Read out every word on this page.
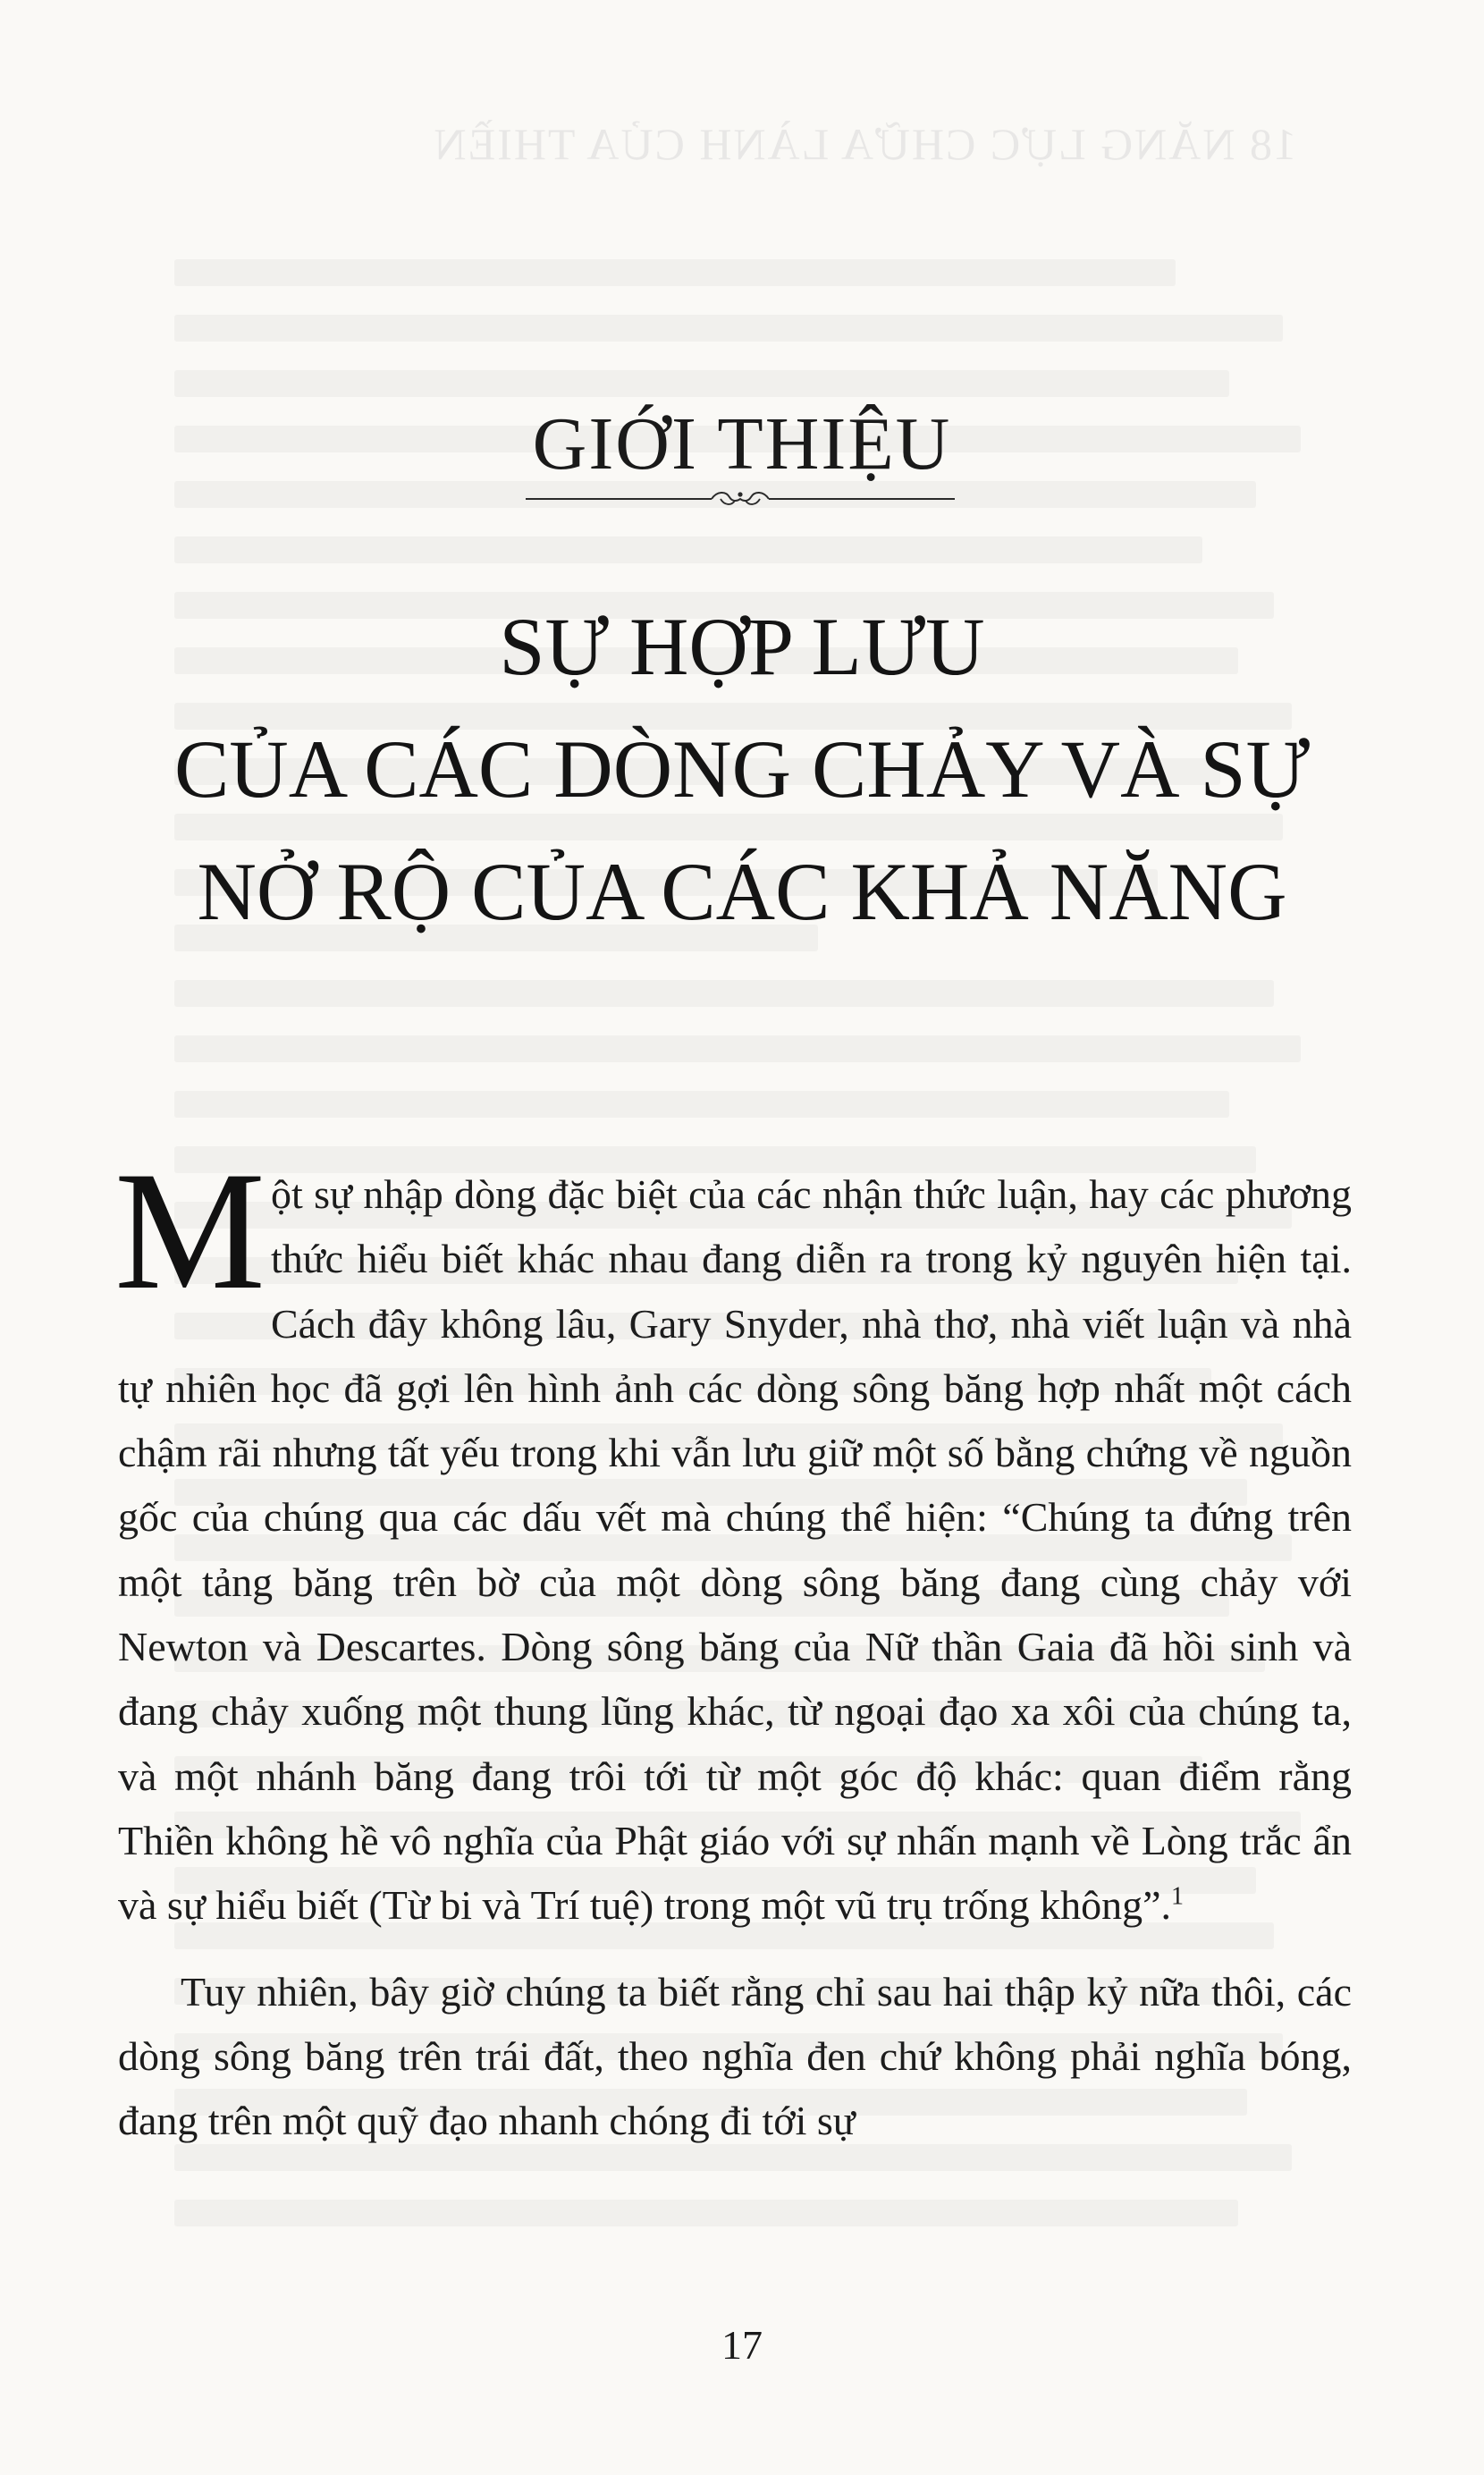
18 NĂNG LỰC CHỮA LÀNH CỦA THIỀN
GIỚI THIỆU
SỰ HỢP LƯU
CỦA CÁC DÒNG CHẢY VÀ SỰ
NỞ RỘ CỦA CÁC KHẢ NĂNG

Một sự nhập dòng đặc biệt của các nhận thức luận, hay các phương thức hiểu biết khác nhau đang diễn ra trong kỷ nguyên hiện tại. Cách đây không lâu, Gary Snyder, nhà thơ, nhà viết luận và nhà tự nhiên học đã gợi lên hình ảnh các dòng sông băng hợp nhất một cách chậm rãi nhưng tất yếu trong khi vẫn lưu giữ một số bằng chứng về nguồn gốc của chúng qua các dấu vết mà chúng thể hiện: “Chúng ta đứng trên một tảng băng trên bờ của một dòng sông băng đang cùng chảy với Newton và Descartes. Dòng sông băng của Nữ thần Gaia đã hồi sinh và đang chảy xuống một thung lũng khác, từ ngoại đạo xa xôi của chúng ta, và một nhánh băng đang trôi tới từ một góc độ khác: quan điểm rằng Thiền không hề vô nghĩa của Phật giáo với sự nhấn mạnh về Lòng trắc ẩn và sự hiểu biết (Từ bi và Trí tuệ) trong một vũ trụ trống không”.$^1$

Tuy nhiên, bây giờ chúng ta biết rằng chỉ sau hai thập kỷ nữa thôi, các dòng sông băng trên trái đất, theo nghĩa đen chứ không phải nghĩa bóng, đang trên một quỹ đạo nhanh chóng đi tới sự

17
